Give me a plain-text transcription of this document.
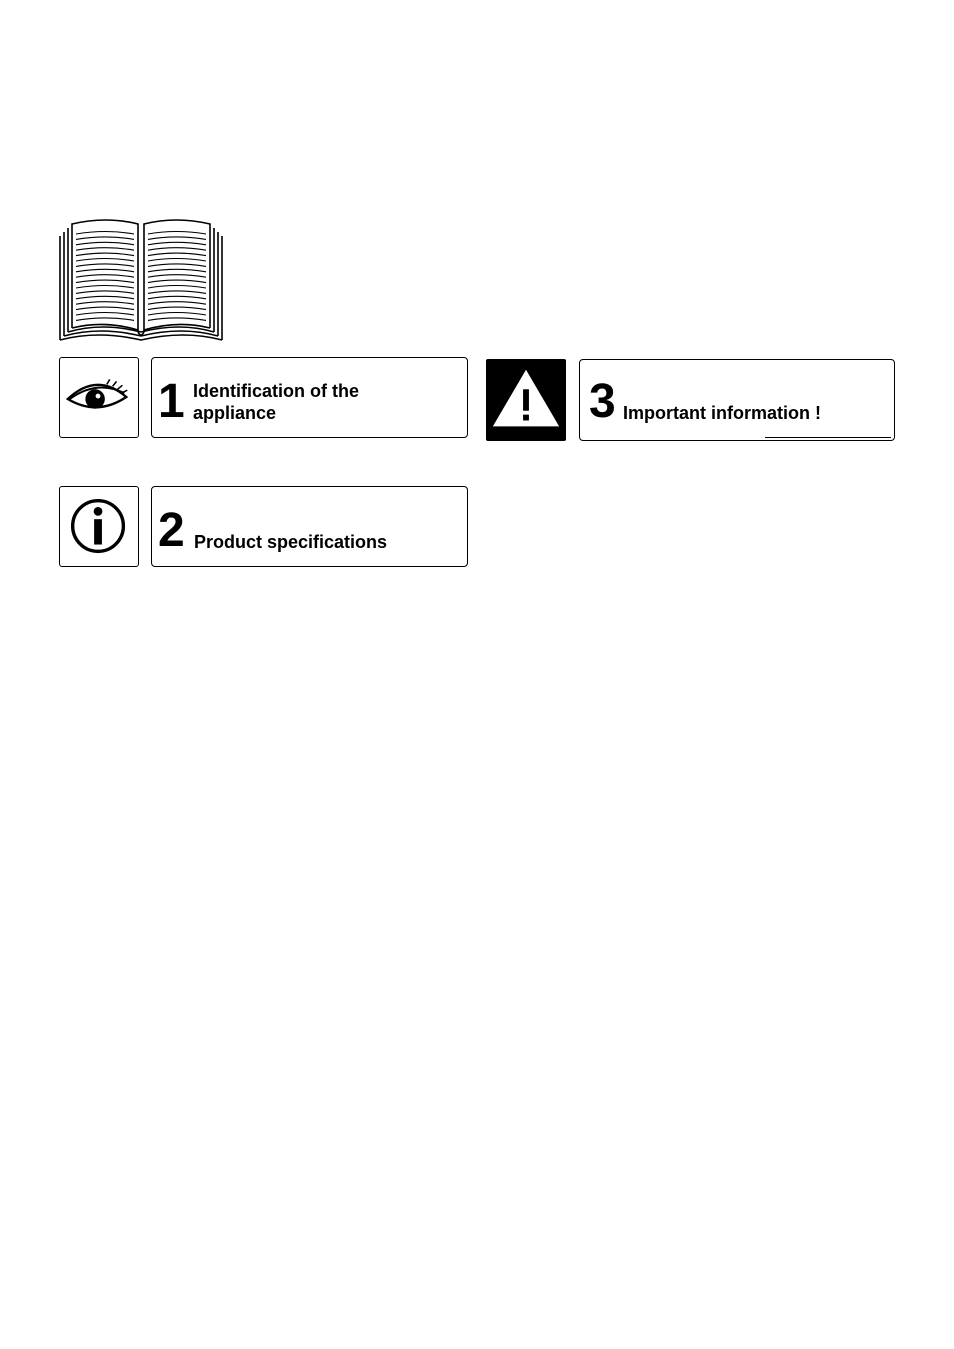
1 Identification of the
appliance	3 Important information !
2 Product specifications
